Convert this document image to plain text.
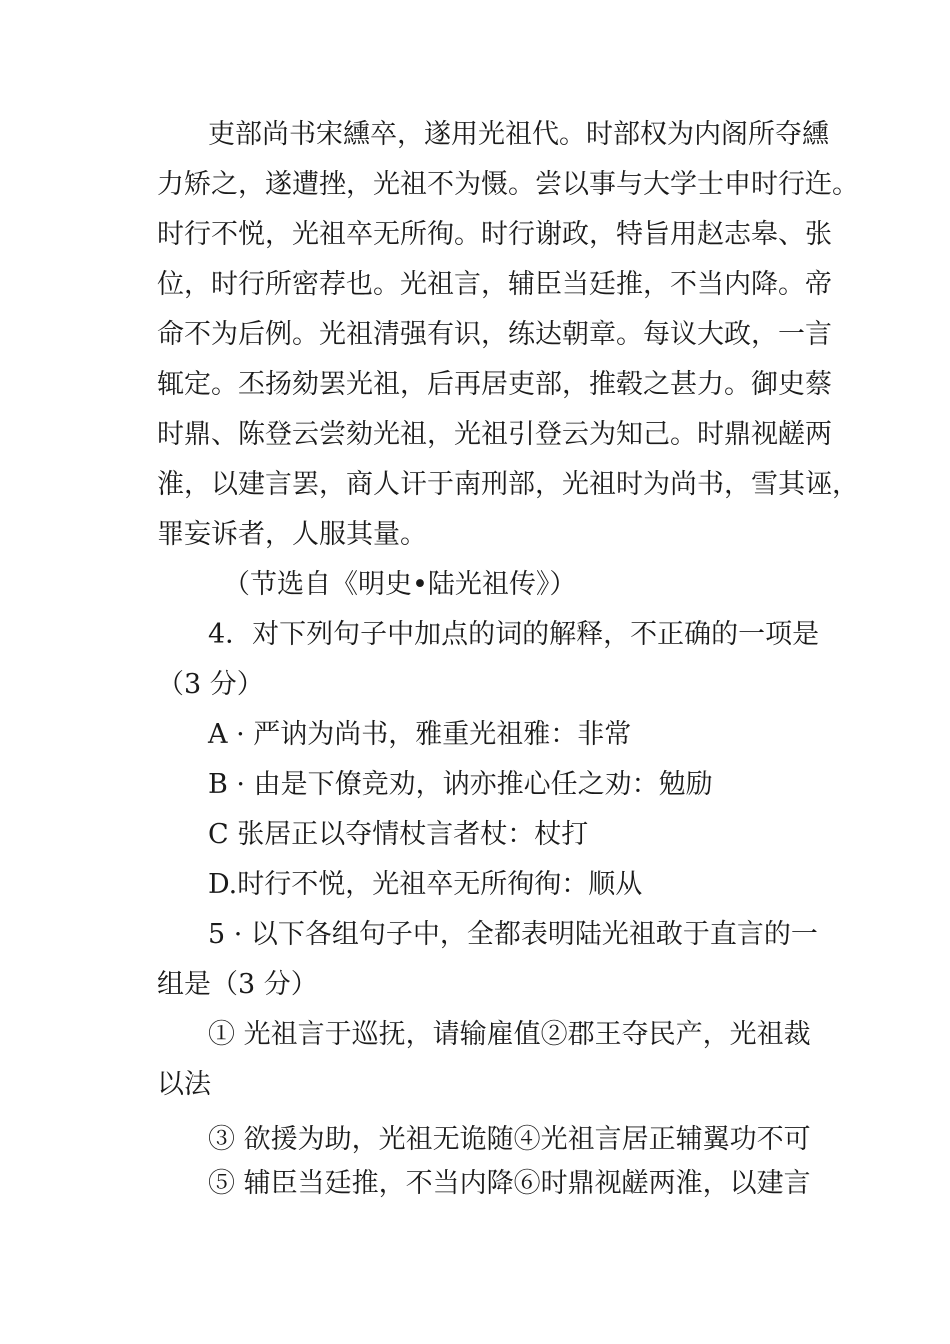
吏部尚书宋纁卒，遂用光祖代。时部权为内阁所夺纁
力矫之，遂遭挫，光祖不为慑。尝以事与大学士申时行迕。
时行不悦，光祖卒无所徇。时行谢政，特旨用赵志皋、张
位，时行所密荐也。光祖言，辅臣当廷推，不当内降。帝
命不为后例。光祖清强有识，练达朝章。每议大政，一言
辄定。丕扬劾罢光祖，后再居吏部，推毂之甚力。御史蔡
时鼎、陈登云尝劾光祖，光祖引登云为知己。时鼎视鹾两
淮，以建言罢，商人讦于南刑部，光祖时为尚书，雪其诬，
罪妄诉者，人服其量。
（节选自《明史•陆光祖传》）
4．对下列句子中加点的词的解释，不正确的一项是
（3 分）
A · 严讷为尚书，雅重光祖雅：非常
B · 由是下僚竞劝，讷亦推心任之劝：勉励
C 张居正以夺情杖言者杖：杖打
D.时行不悦，光祖卒无所徇徇：顺从
5 · 以下各组句子中，全都表明陆光祖敢于直言的一
组是（3 分）
① 光祖言于巡抚，请输雇值②郡王夺民产，光祖裁
以法
③ 欲援为助，光祖无诡随④光祖言居正辅翼功不可
⑤ 辅臣当廷推，不当内降⑥时鼎视鹾两淮，以建言
